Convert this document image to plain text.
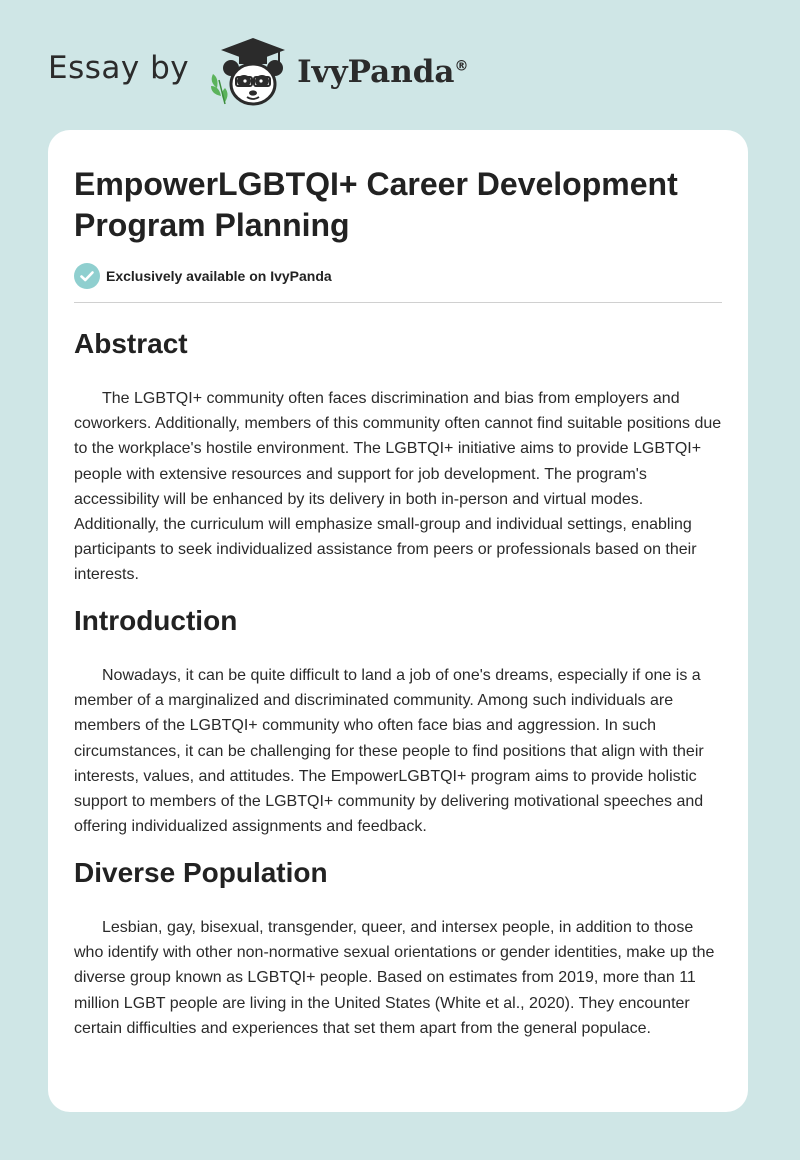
Essay by	IvyPanda®
EmpowerLGBTQI+ Career Development Program Planning
Exclusively available on IvyPanda
Abstract

The LGBTQI+ community often faces discrimination and bias from employers and coworkers. Additionally, members of this community often cannot find suitable positions due to the workplace's hostile environment. The LGBTQI+ initiative aims to provide LGBTQI+ people with extensive resources and support for job development. The program's accessibility will be enhanced by its delivery in both in-person and virtual modes. Additionally, the curriculum will emphasize small-group and individual settings, enabling participants to seek individualized assistance from peers or professionals based on their interests.

Introduction

Nowadays, it can be quite difficult to land a job of one's dreams, especially if one is a member of a marginalized and discriminated community. Among such individuals are members of the LGBTQI+ community who often face bias and aggression. In such circumstances, it can be challenging for these people to find positions that align with their interests, values, and attitudes. The EmpowerLGBTQI+ program aims to provide holistic support to members of the LGBTQI+ community by delivering motivational speeches and offering individualized assignments and feedback.

Diverse Population

Lesbian, gay, bisexual, transgender, queer, and intersex people, in addition to those who identify with other non-normative sexual orientations or gender identities, make up the diverse group known as LGBTQI+ people. Based on estimates from 2019, more than 11 million LGBT people are living in the United States (White et al., 2020). They encounter certain difficulties and experiences that set them apart from the general populace.
